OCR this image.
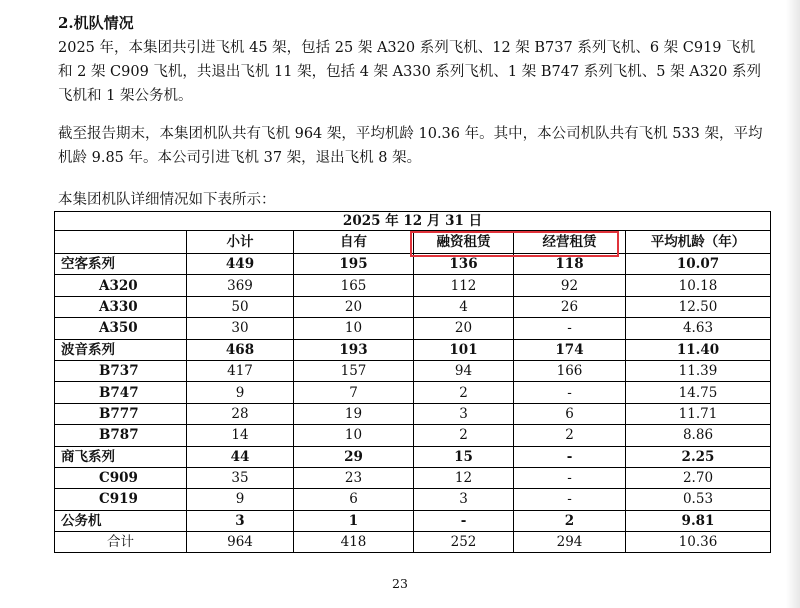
2.机队情况

2025 年，本集团共引进飞机 45 架，包括 25 架 A320 系列飞机、12 架 B737 系列飞机、6 架 C919 飞机和 2 架 C909 飞机，共退出飞机 11 架，包括 4 架 A330 系列飞机、1 架 B747 系列飞机、5 架 A320 系列飞机和 1 架公务机。

截至报告期末，本集团机队共有飞机 964 架，平均机龄 10.36 年。其中，本公司机队共有飞机 533 架，平均机龄 9.85 年。本公司引进飞机 37 架，退出飞机 8 架。

本集团机队详细情况如下表所示：
2025 年 12 月 31 日					
	小计	自有	融资租赁	经营租赁	平均机龄（年）
空客系列	449	195	136	118	10.07
A320	369	165	112	92	10.18
A330	50	20	4	26	12.50
A350	30	10	20	-	4.63
波音系列	468	193	101	174	11.40
B737	417	157	94	166	11.39
B747	9	7	2	-	14.75
B777	28	19	3	6	11.71
B787	14	10	2	2	8.86
商飞系列	44	29	15	-	2.25
C909	35	23	12	-	2.70
C919	9	6	3	-	0.53
公务机	3	1	-	2	9.81
合计	964	418	252	294	10.36
23
